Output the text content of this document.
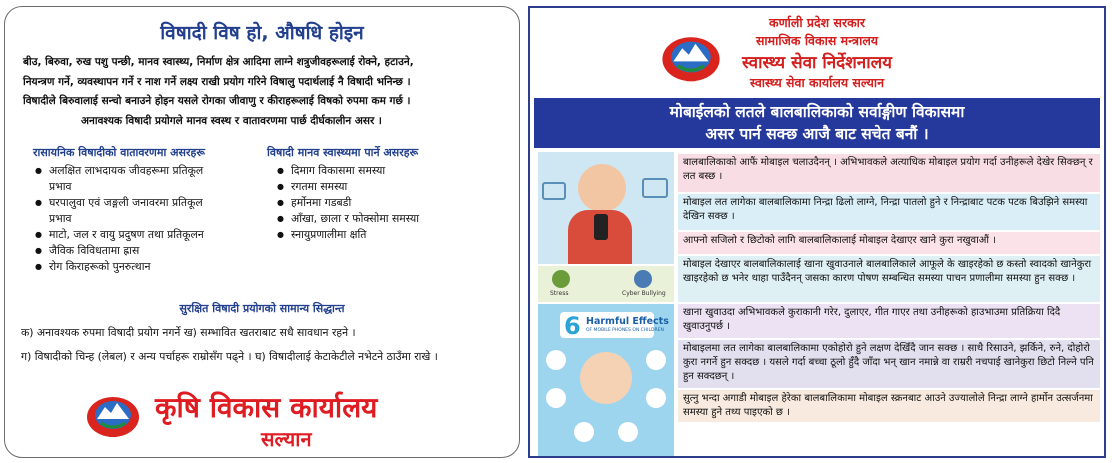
विषादी विष हो, औषधि होइन
बीउ, बिरुवा, रुख पशु पन्छी, मानव स्वास्थ्य, निर्माण क्षेत्र आदिमा लाग्ने शत्रुजीवहरूलाई रोक्ने, हटाउने,
नियन्त्रण गर्ने, व्यवस्थापन गर्ने र नाश गर्ने लक्ष्य राखी प्रयोग गरिने विषालु पदार्थलाई नै विषादी भनिन्छ ।
विषादीले बिरुवालाई सन्चो बनाउने होइन यसले रोगका जीवाणु र कीराहरूलाई विषको रुपमा कम गर्छ ।
अनावश्यक विषादी प्रयोगले मानव स्वस्थ र वातावरणमा पार्छ दीर्घकालीन असर ।
रासायनिक विषादीको वातावरणमा असरहरू
● अलक्षित लाभदायक जीवहरूमा प्रतिकूल
प्रभाव
● घरपालुवा एवं जङ्गली जनावरमा प्रतिकूल
प्रभाव
● माटो, जल र वायु प्रदुषण तथा प्रतिकूलन
● जैविक विविधतामा ह्रास
● रोग किराहरूको पुनरुत्थान
विषादी मानव स्वास्थ्यमा पार्ने असरहरू
● दिमाग विकासमा समस्या
● रगतमा समस्या
● हर्मोनमा गडबडी
● आँखा, छाला र फोक्सोमा समस्या
● स्नायुप्रणालीमा क्षति
सुरक्षित विषादी प्रयोगको सामान्य सिद्धान्त
क) अनावश्यक रुपमा विषादी प्रयोग नगर्ने ख) सम्भावित खतराबाट सधै सावधान रहने ।
ग) विषादीको चिन्ह (लेबल) र अन्य पर्चाहरू राम्रोसँग पढ्ने । घ) विषादीलाई केटाकेटीले नभेटने ठाउँमा राखे ।
कृषि विकास कार्यालय
सल्यान
कर्णाली प्रदेश सरकार
सामाजिक विकास मन्त्रालय
स्वास्थ्य सेवा निर्देशनालय
स्वास्थ्य सेवा कार्यालय सल्यान
मोबाईलको लतले बालबालिकाको सर्वाङ्गीण विकासमा
असर पार्न सक्छ आजै बाट सचेत बनौं ।
Stress	Cyber Bullying
6 Harmful Effects
OF MOBILE PHONES ON CHILDREN
बालबालिकाको आफैं मोबाइल चलाउदैनन् । अभिभावकले अत्याधिक मोबाइल प्रयोग गर्दा उनीहरूले देखेर सिक्छन् र लत बस्छ ।
मोबाइल लत लागेका बालबालिकामा निन्द्रा ढिलो लाग्ने, निन्द्रा पातलो हुने र निन्द्राबाट पटक पटक बिउझिने समस्या देखिन सक्छ ।
आफ्नो सजिलो र छिटोको लागि बालबालिकालाई मोबाइल देखाएर खाने कुरा नखुवाऔं ।
मोबाइल देखाएर बालबालिकालाई खाना खुवाउनाले बालबालिकाले आफूले के खाइरहेको छ कस्तो स्वादको खानेकुरा खाइरहेको छ भनेर थाहा पाउँदैनन् जसका कारण पोषण सम्बन्धित समस्या पाचन प्रणालीमा समस्या हुन सक्छ ।
खाना खुवाउदा अभिभावकले कुराकानी गरेर, दुलाएर, गीत गाएर तथा उनीहरूको हाउभाउमा प्रतिक्रिया दिदै खुवाउनुपर्छ ।
मोबाइलमा लत लागेका बालबालिकामा एकोहोरो हुने लक्षण देखिँदै जान सक्छ । साथै रिसाउने, झर्किने, रुने, दोहोरो कुरा नगर्ने हुन सक्दछ । यसले गर्दा बच्चा ठूलो हुँदै जाँदा भन् खान नमान्ने वा राम्ररी नचपाई खानेकुरा छिटो निल्ने पनि हुन सक्दछन् ।
सुत्नु भन्दा अगाडी मोबाइल हेरेका बालबालिकामा मोबाइल स्क्रनबाट आउने उज्यालोले निन्द्रा लाग्ने हार्मोन उत्सर्जनमा समस्या हुने तथ्य पाइएको छ ।
